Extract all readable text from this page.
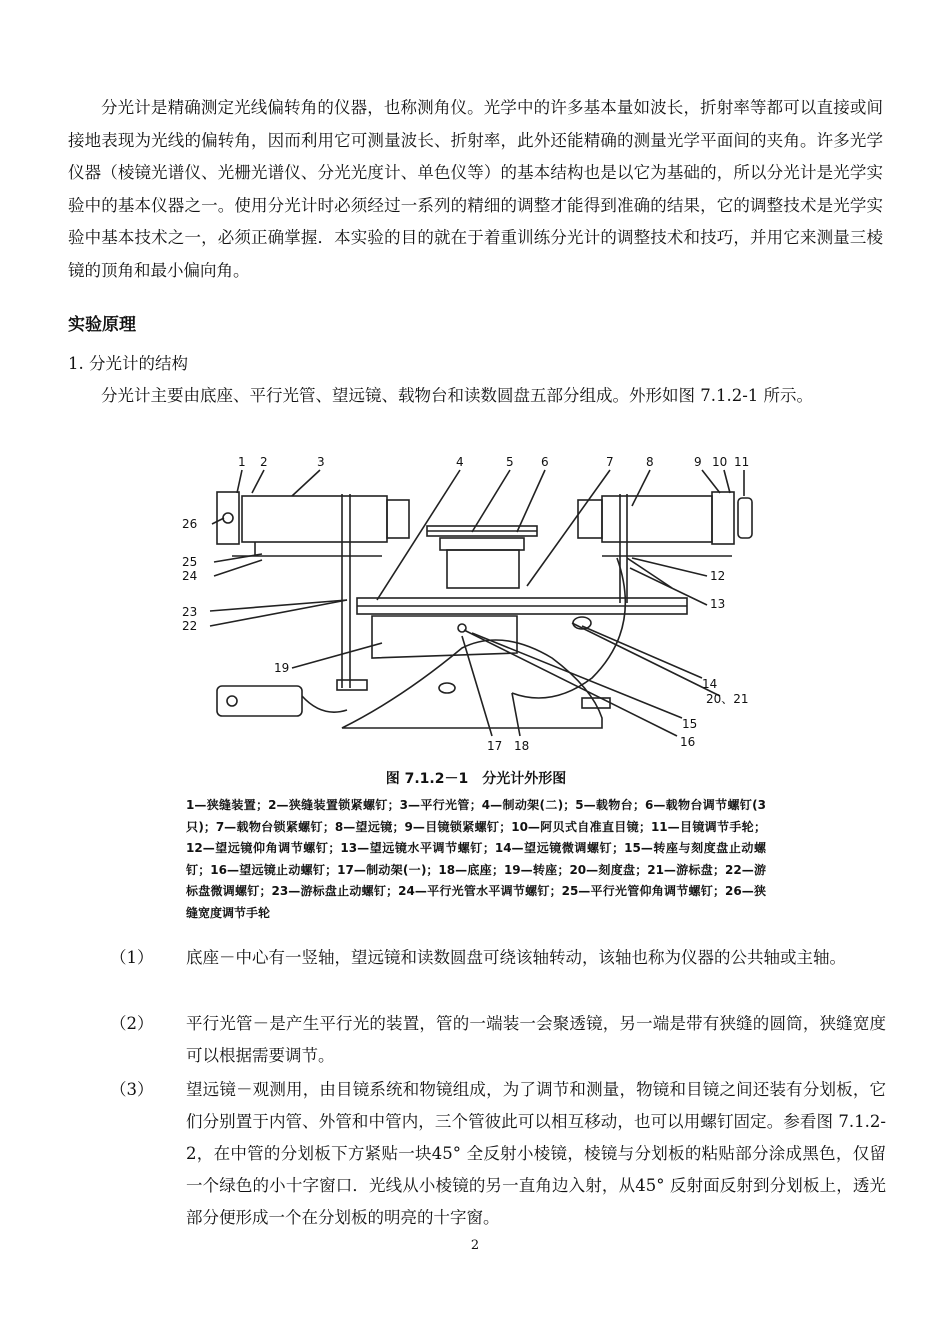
分光计是精确测定光线偏转角的仪器，也称测角仪。光学中的许多基本量如波长，折射率等都可以直接或间接地表现为光线的偏转角，因而利用它可测量波长、折射率，此外还能精确的测量光学平面间的夹角。许多光学仪器（棱镜光谱仪、光栅光谱仪、分光光度计、单色仪等）的基本结构也是以它为基础的，所以分光计是光学实验中的基本仪器之一。使用分光计时必须经过一系列的精细的调整才能得到准确的结果，它的调整技术是光学实验中基本技术之一，必须正确掌握．本实验的目的就在于着重训练分光计的调整技术和技巧，并用它来测量三棱镜的顶角和最小偏向角。

实验原理
1. 分光计的结构

分光计主要由底座、平行光管、望远镜、载物台和读数圆盘五部分组成。外形如图 7.1.2-1 所示。

1 2	3	4	5 6	7	8	9 10 11
12
13
14
15
16
17 18
19
20、21
22
23
24
25
26
图 7.1.2－1　分光计外形图
1—狭缝装置；2—狭缝装置锁紧螺钉；3—平行光管；4—制动架(二)；5—载物台；6—载物台调节螺钉(3只)；7—载物台锁紧螺钉；8—望远镜；9—目镜锁紧螺钉；10—阿贝式自准直目镜；11—目镜调节手轮；12—望远镜仰角调节螺钉；13—望远镜水平调节螺钉；14—望远镜微调螺钉；15—转座与刻度盘止动螺钉；16—望远镜止动螺钉；17—制动架(一)；18—底座；19—转座；20—刻度盘；21—游标盘；22—游标盘微调螺钉；23—游标盘止动螺钉；24—平行光管水平调节螺钉；25—平行光管仰角调节螺钉；26—狭缝宽度调节手轮
（1）	底座－中心有一竖轴，望远镜和读数圆盘可绕该轴转动，该轴也称为仪器的公共轴或主轴。
（2）	平行光管－是产生平行光的装置，管的一端装一会聚透镜，另一端是带有狭缝的圆筒，狭缝宽度可以根据需要调节。
（3）	望远镜－观测用，由目镜系统和物镜组成，为了调节和测量，物镜和目镜之间还装有分划板，它们分别置于内管、外管和中管内，三个管彼此可以相互移动，也可以用螺钉固定。参看图 7.1.2-2，在中管的分划板下方紧贴一块45° 全反射小棱镜，棱镜与分划板的粘贴部分涂成黑色，仅留一个绿色的小十字窗口．光线从小棱镜的另一直角边入射，从45° 反射面反射到分划板上，透光部分便形成一个在分划板的明亮的十字窗。
2
